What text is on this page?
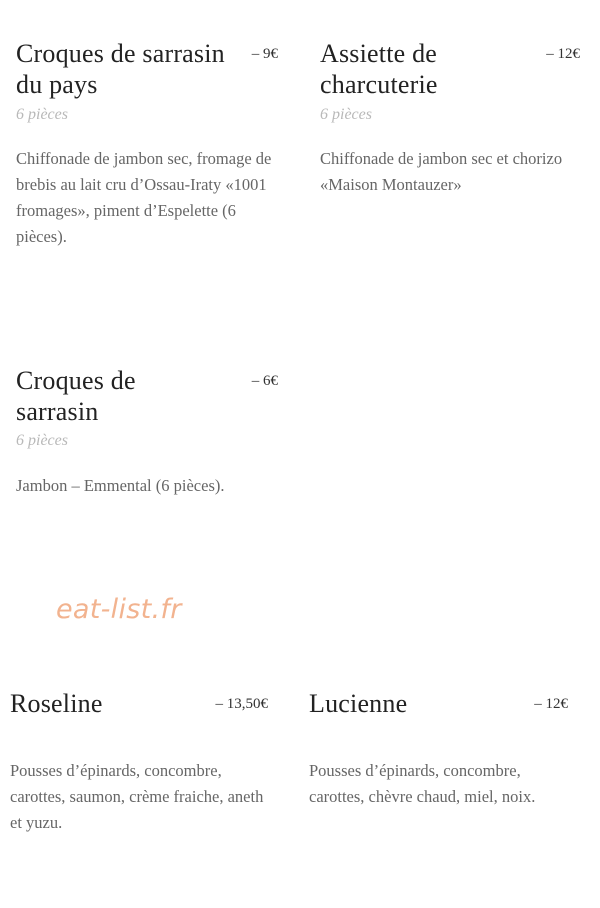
Croques de sarrasin du pays
– 9€
6 pièces
Chiffonade de jambon sec, fromage de brebis au lait cru d’Ossau-Iraty «1001 fromages», piment d’Espelette (6 pièces).
Assiette de charcuterie
– 12€
6 pièces
Chiffonade de jambon sec et chorizo «Maison Montauzer»
Croques de sarrasin
– 6€
6 pièces
Jambon – Emmental (6 pièces).
eat-list.fr
Roseline	– 13,50€
Pousses d’épinards, concombre, carottes, saumon, crème fraiche, aneth et yuzu.
Lucienne	– 12€
Pousses d’épinards, concombre, carottes, chèvre chaud, miel, noix.
